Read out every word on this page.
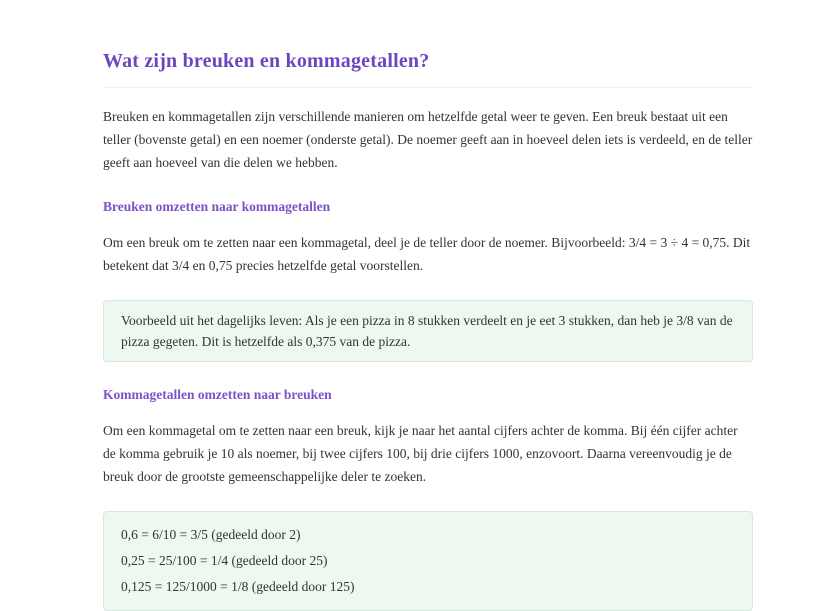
Wat zijn breuken en kommagetallen?

Breuken en kommagetallen zijn verschillende manieren om hetzelfde getal weer te geven. Een breuk bestaat uit een teller (bovenste getal) en een noemer (onderste getal). De noemer geeft aan in hoeveel delen iets is verdeeld, en de teller geeft aan hoeveel van die delen we hebben.

Breuken omzetten naar kommagetallen

Om een breuk om te zetten naar een kommagetal, deel je de teller door de noemer. Bijvoorbeeld: 3/4 = 3 ÷ 4 = 0,75. Dit betekent dat 3/4 en 0,75 precies hetzelfde getal voorstellen.

Voorbeeld uit het dagelijks leven: Als je een pizza in 8 stukken verdeelt en je eet 3 stukken, dan heb je 3/8 van de pizza gegeten. Dit is hetzelfde als 0,375 van de pizza.

Kommagetallen omzetten naar breuken

Om een kommagetal om te zetten naar een breuk, kijk je naar het aantal cijfers achter de komma. Bij één cijfer achter de komma gebruik je 10 als noemer, bij twee cijfers 100, bij drie cijfers 1000, enzovoort. Daarna vereenvoudig je de breuk door de grootste gemeenschappelijke deler te zoeken.

0,6 = 6/10 = 3/5 (gedeeld door 2)
0,25 = 25/100 = 1/4 (gedeeld door 25)
0,125 = 125/1000 = 1/8 (gedeeld door 125)
